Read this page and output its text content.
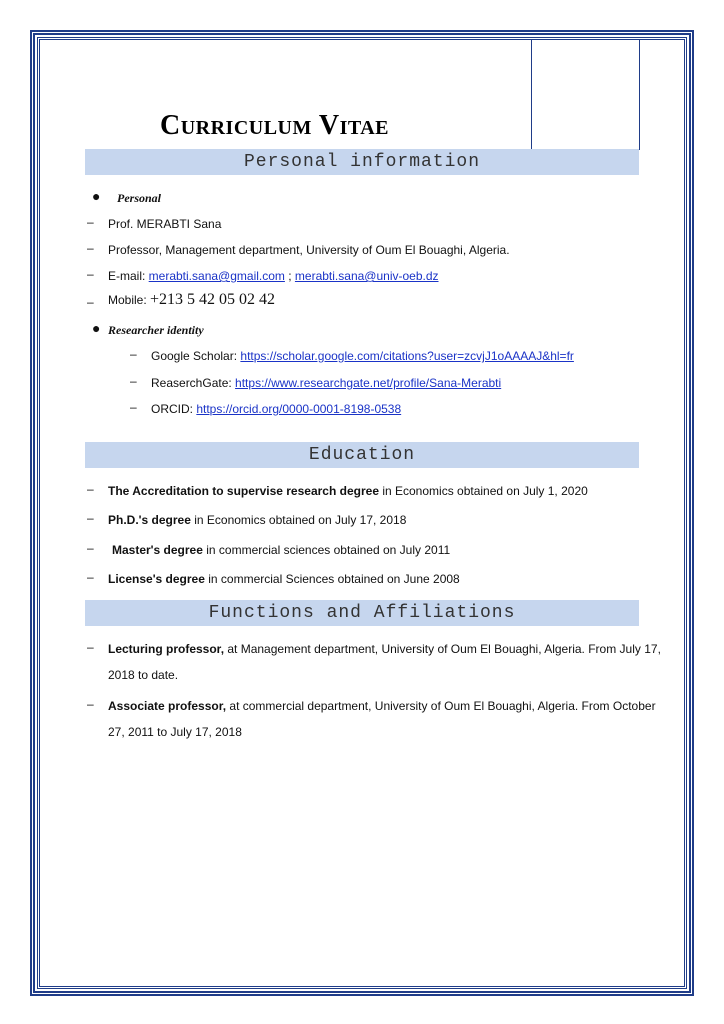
Curriculum Vitae
Personal information
● Personal
– Prof. MERABTI Sana
– Professor, Management department, University of Oum El Bouaghi, Algeria.
– E-mail: merabti.sana@gmail.com ; merabti.sana@univ-oeb.dz
– Mobile: +213 5 42 05 02 42
● Researcher identity
– Google Scholar: https://scholar.google.com/citations?user=zcvjJ1oAAAAJ&hl=fr
– ReaserchGate: https://www.researchgate.net/profile/Sana-Merabti
– ORCID: https://orcid.org/0000-0001-8198-0538
Education
– The Accreditation to supervise research degree in Economics obtained on July 1, 2020
– Ph.D.'s degree in Economics obtained on July 17, 2018
– Master's degree in commercial sciences obtained on July 2011
– License's degree in commercial Sciences obtained on June 2008
Functions and Affiliations
– Lecturing professor, at Management department, University of Oum El Bouaghi, Algeria. From July 17,
2018 to date.
– Associate professor, at commercial department, University of Oum El Bouaghi, Algeria. From October
27, 2011 to July 17, 2018
